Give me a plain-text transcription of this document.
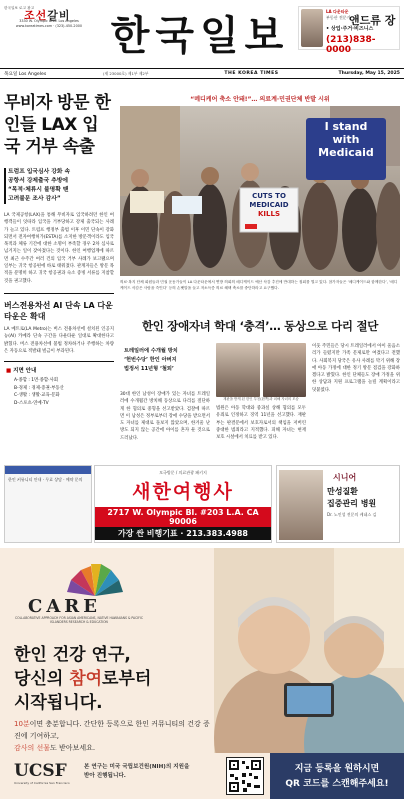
한국일보 로고 광고
조선갈비
3330 W. Olympic Blvd. Los Angeles
www.koreatimes.com · (323)-450-2000 한국일보
LA 다운타운
부동산 전문가
앤드류 장
• 상업·주거·비즈니스
(213)838-0000
목요일 Los Angeles	(제 23000호) 제1부 제2부	THE KOREA TIMES	Thursday, May 15, 2025
무비자 방문 한인들 LAX 입국 거부 속출
트럼프 입국심사 강화 속
공항서 강제출국 추방에
“목적·체류시 불명확 땐
고려불문 조사 감사”
LA 국제공항(LAX)을 통해 무비자로 입국하려던 한인 여행객들이 잇따라 입국을 거부당하고 강제 출국되는 사례가 늘고 있다. 트럼프 행정부 출범 이후 이민 단속이 강화되면서 전자여행허가(ESTA)를 소지한 방문객이라도 입국 목적과 체류 기간에 대한 소명이 부족할 경우 2차 심사로 넘겨지는 일이 잦아졌다는 것이다. 한인 여행업계에 따르면 최근 수주간 여러 건의 입국 거부 사례가 보고됐으며 일부는 귀국 항공편에 바로 태워졌다. 관계자들은 방문 목적을 분명히 하고 귀국 항공권과 숙소 증빙 서류를 지참할 것을 권고했다.
버스전용차선 AI 단속 LA 다운타운은 확대
LA 메트로(LA Metro)는 버스 전용차선에 설치된 인공지능(AI) 카메라 단속 구간을 다운타운 일대로 확대한다고 밝혔다. 버스 전용차선에 불법 정차하거나 주행하는 차량은 자동으로 적발돼 벌금이 부과된다.
■ 지면 안내
A-종합 : 1면·종합·사회
B-경제 : 경제·증권·부동산
C-생활 : 생활·교육·문화
D-스포츠·연예·TV
“메디케어 축소 안돼!”… 의료계·민권단체 반발 시위
I stand
with
Medicaid
CUTS TO
MEDICAID
KILLS
의료·복지 단체 회원들과 민권 운동가들이 LA 다운타운에서 연방 의회의 메디케이드 예산 삭감 추진에 반대하는 집회를 열고 있다. 참가자들은 ‘메디케이드와 함께한다’, ‘메디케이드 삭감은 사람을 죽인다’ 등의 손팻말을 들고 저소득층 의료 혜택 축소를 중단하라고 요구했다.
한인 장애자녀 학대 ‘충격’… 동상으로 다리 절단
트레일러에 수개월 방치
‘헌번수당’ 한인 아버지
법정서 11년형 ‘철퇴’
30대 한인 남성이 장애가 있는 자녀를 트레일러에 수개월간 방치해 동상으로 다리를 절단하게 한 혐의로 중형을 선고받았다. 검찰에 따르면 이 남성은 정부로부터 장애 수당을 받으면서도 자녀를 제대로 돌보지 않았으며, 한겨울 난방도 되지 않는 공간에 아이를 혼자 둔 것으로 드러났다.
재판을 받게 된 한인 부친(왼쪽)과 피해 자녀의 모습
법원은 아동 학대와 중과실 상해 혐의를 모두 유죄로 인정하고 징역 11년을 선고했다. 재판부는 판결문에서 보호자로서의 책임을 저버린 중대한 범죄라고 지적했다. 피해 자녀는 현재 보호 시설에서 치료를 받고 있다.
이웃 주민들은 당시 트레일러에서 아이 울음소리가 들렸지만 가족 문제로만 여겼다고 전했다. 사회복지 당국은 유사 사례를 막기 위해 장애 아동 가정에 대한 정기 방문 점검을 강화하겠다고 밝혔다. 한인 단체들도 장애 가정을 위한 상담과 지원 프로그램을 늘릴 계획이라고 덧붙였다.
한인 커뮤니티 안내 · 무료 상담 · 예약 문의
모국방문 / 의료관광 패키지
새한여행사
2717 W. Olympic Bl. #203 L.A. CA 90006
가장 싼 비행기표 · 213.383.4988
시니어
만성질환
집중관리 병원
Dr. 노인성 전문의 케네스 김
CARE
COLLABORATIVE APPROACH FOR ASIAN AMERICANS, NATIVE HAWAIIANS & PACIFIC ISLANDERS RESEARCH & EDUCATION
한인 건강 연구,
당신의 참여로부터
시작됩니다.
10분이면 충분합니다. 간단한 등록으로 한인 커뮤니티의 건강 증진에 기여하고,
감사의 선물도 받아보세요.
UCSF
University of California San Francisco
본 연구는 미국 국립보건원(NIH)의 지원을 받아 진행됩니다.
지금 등록을 원하시면
QR 코드를 스캔해주세요!
